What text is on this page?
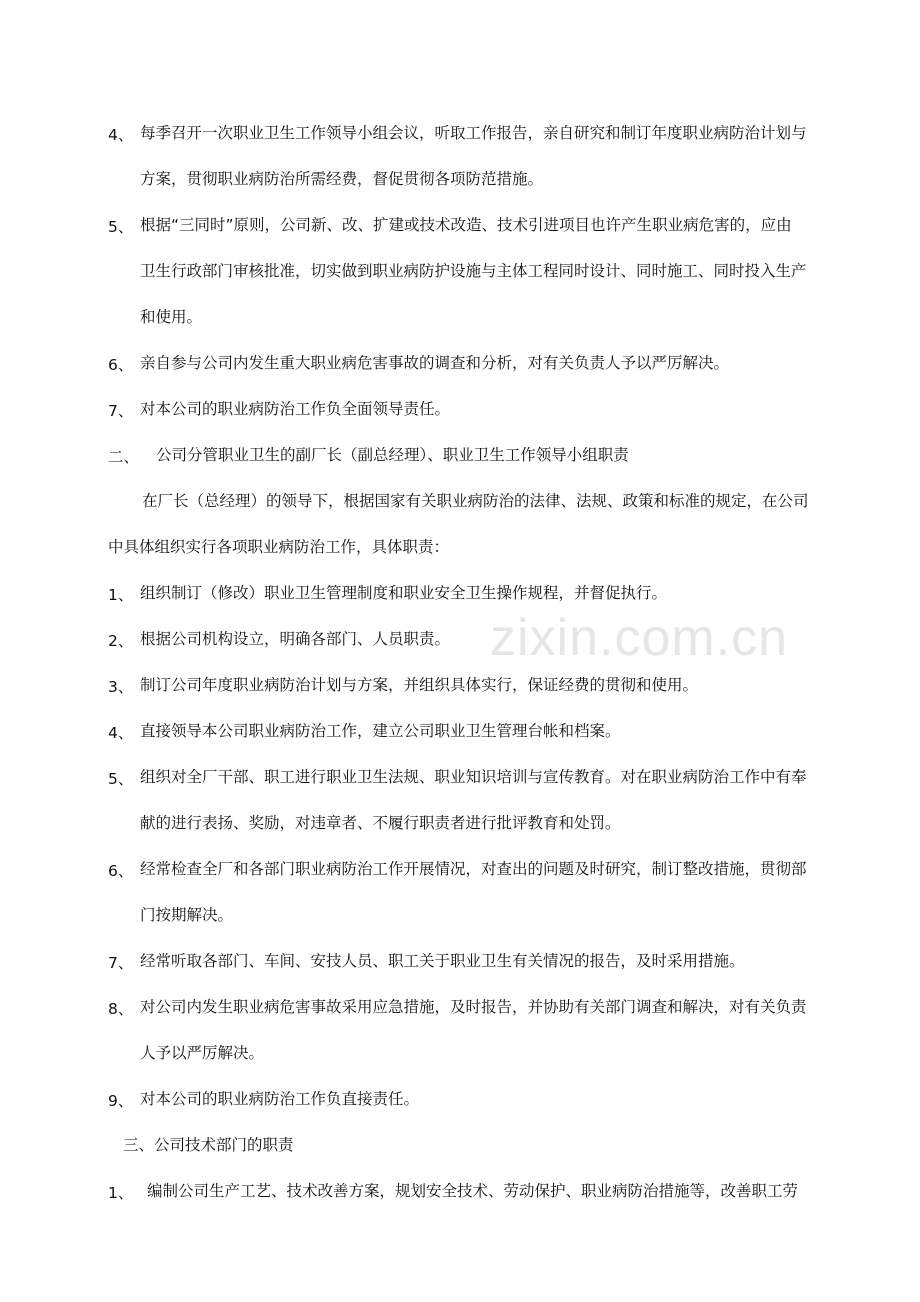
zixin.com.cn
4、 每季召开一次职业卫生工作领导小组会议，听取工作报告，亲自研究和制订年度职业病防治计划与
方案，贯彻职业病防治所需经费，督促贯彻各项防范措施。
5、 根据“三同时”原则，公司新、改、扩建或技术改造、技术引进项目也许产生职业病危害的，应由
卫生行政部门审核批准，切实做到职业病防护设施与主体工程同时设计、同时施工、同时投入生产
和使用。
6、 亲自参与公司内发生重大职业病危害事故的调查和分析，对有关负责人予以严厉解决。
7、 对本公司的职业病防治工作负全面领导责任。
二、 公司分管职业卫生的副厂长（副总经理）、职业卫生工作领导小组职责
在厂长（总经理）的领导下，根据国家有关职业病防治的法律、法规、政策和标准的规定，在公司
中具体组织实行各项职业病防治工作，具体职责：
1、 组织制订（修改）职业卫生管理制度和职业安全卫生操作规程，并督促执行。
2、 根据公司机构设立，明确各部门、人员职责。
3、 制订公司年度职业病防治计划与方案，并组织具体实行，保证经费的贯彻和使用。
4、 直接领导本公司职业病防治工作，建立公司职业卫生管理台帐和档案。
5、 组织对全厂干部、职工进行职业卫生法规、职业知识培训与宣传教育。对在职业病防治工作中有奉
献的进行表扬、奖励，对违章者、不履行职责者进行批评教育和处罚。
6、 经常检查全厂和各部门职业病防治工作开展情况，对查出的问题及时研究，制订整改措施，贯彻部
门按期解决。
7、 经常听取各部门、车间、安技人员、职工关于职业卫生有关情况的报告，及时采用措施。
8、 对公司内发生职业病危害事故采用应急措施，及时报告，并协助有关部门调查和解决，对有关负责
人予以严厉解决。
9、 对本公司的职业病防治工作负直接责任。
三、公司技术部门的职责
1、 编制公司生产工艺、技术改善方案，规划安全技术、劳动保护、职业病防治措施等，改善职工劳
